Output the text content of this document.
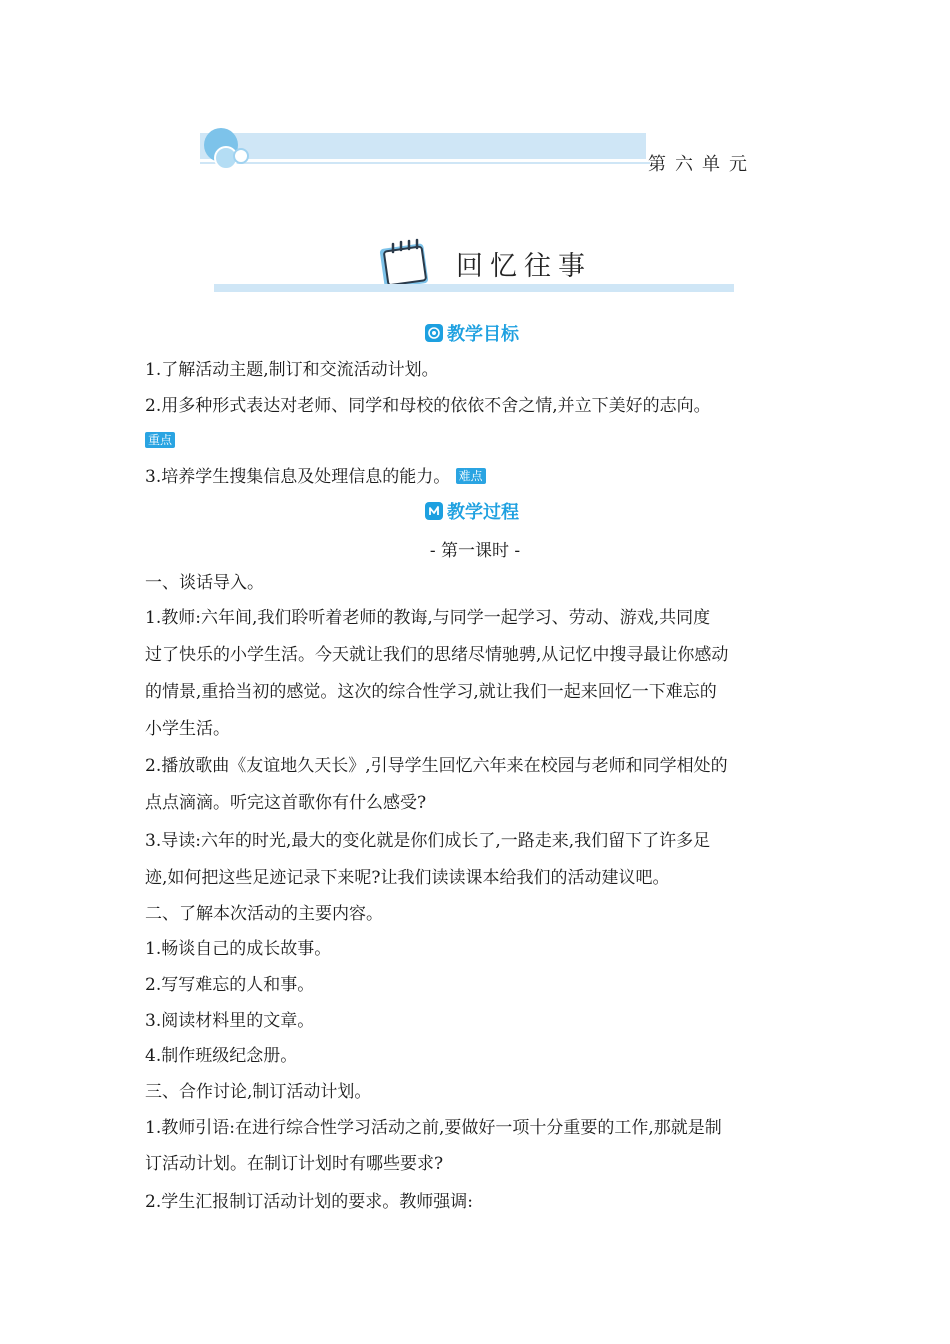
第六单元
回忆往事
教学目标
1.了解活动主题,制订和交流活动计划。
2.用多种形式表达对老师、同学和母校的依依不舍之情,并立下美好的志向。
重点
3.培养学生搜集信息及处理信息的能力。 难点
教学过程
- 第一课时 -
一、谈话导入。
1.教师:六年间,我们聆听着老师的教诲,与同学一起学习、劳动、游戏,共同度
过了快乐的小学生活。今天就让我们的思绪尽情驰骋,从记忆中搜寻最让你感动
的情景,重拾当初的感觉。这次的综合性学习,就让我们一起来回忆一下难忘的
小学生活。
2.播放歌曲《友谊地久天长》,引导学生回忆六年来在校园与老师和同学相处的
点点滴滴。听完这首歌你有什么感受?
3.导读:六年的时光,最大的变化就是你们成长了,一路走来,我们留下了许多足
迹,如何把这些足迹记录下来呢?让我们读读课本给我们的活动建议吧。
二、了解本次活动的主要内容。
1.畅谈自己的成长故事。
2.写写难忘的人和事。
3.阅读材料里的文章。
4.制作班级纪念册。
三、合作讨论,制订活动计划。
1.教师引语:在进行综合性学习活动之前,要做好一项十分重要的工作,那就是制
订活动计划。在制订计划时有哪些要求?
2.学生汇报制订活动计划的要求。教师强调:
